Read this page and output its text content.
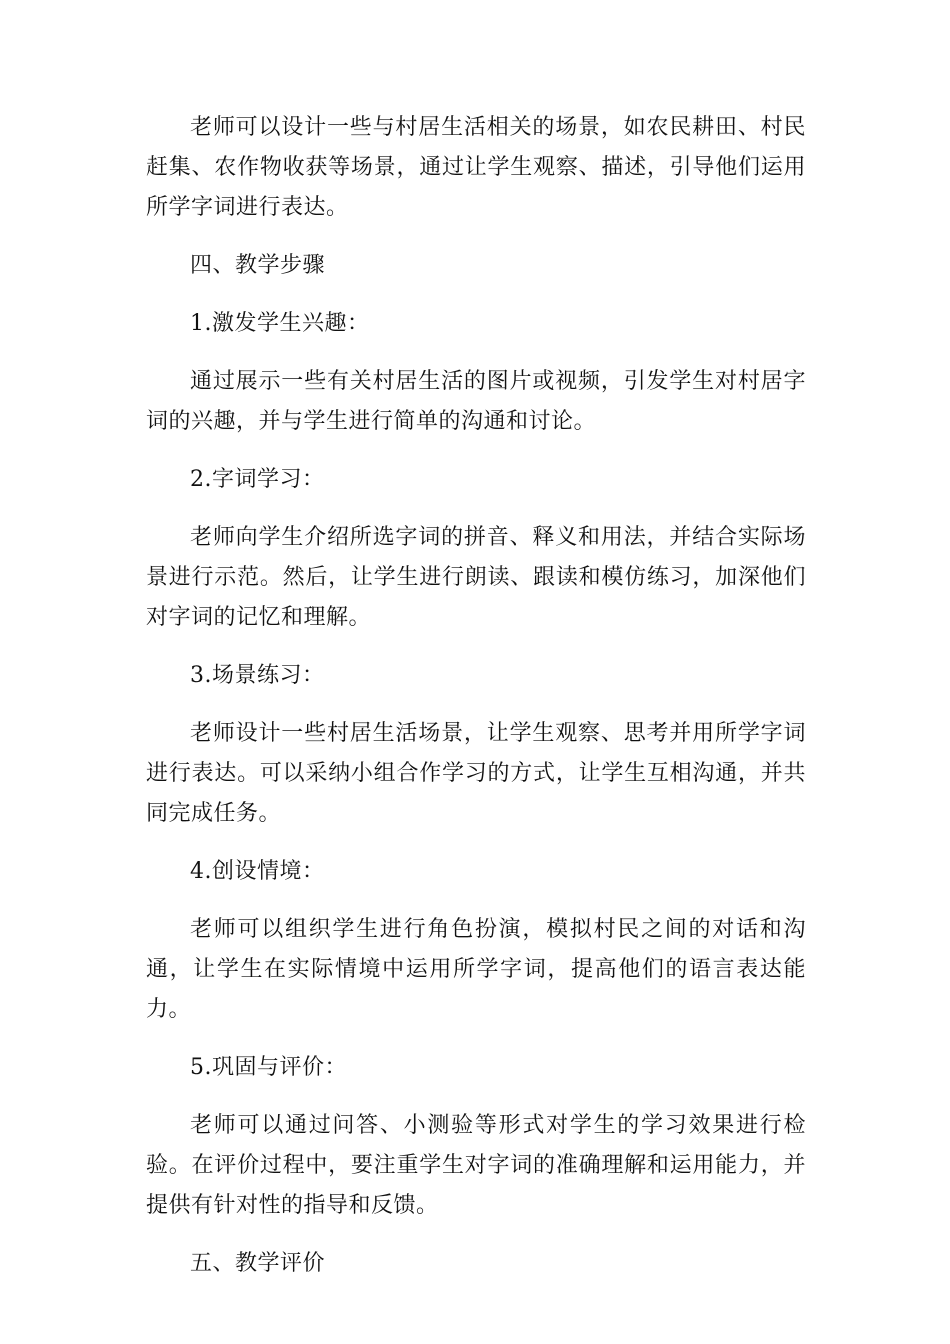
老师可以设计一些与村居生活相关的场景，如农民耕田、村民赶集、农作物收获等场景，通过让学生观察、描述，引导他们运用所学字词进行表达。

四、教学步骤

1.激发学生兴趣：

通过展示一些有关村居生活的图片或视频，引发学生对村居字词的兴趣，并与学生进行简单的沟通和讨论。

2.字词学习：

老师向学生介绍所选字词的拼音、释义和用法，并结合实际场景进行示范。然后，让学生进行朗读、跟读和模仿练习，加深他们对字词的记忆和理解。

3.场景练习：

老师设计一些村居生活场景，让学生观察、思考并用所学字词进行表达。可以采纳小组合作学习的方式，让学生互相沟通，并共同完成任务。

4.创设情境：

老师可以组织学生进行角色扮演，模拟村民之间的对话和沟通，让学生在实际情境中运用所学字词，提高他们的语言表达能力。

5.巩固与评价：

老师可以通过问答、小测验等形式对学生的学习效果进行检验。在评价过程中，要注重学生对字词的准确理解和运用能力，并提供有针对性的指导和反馈。

五、教学评价
